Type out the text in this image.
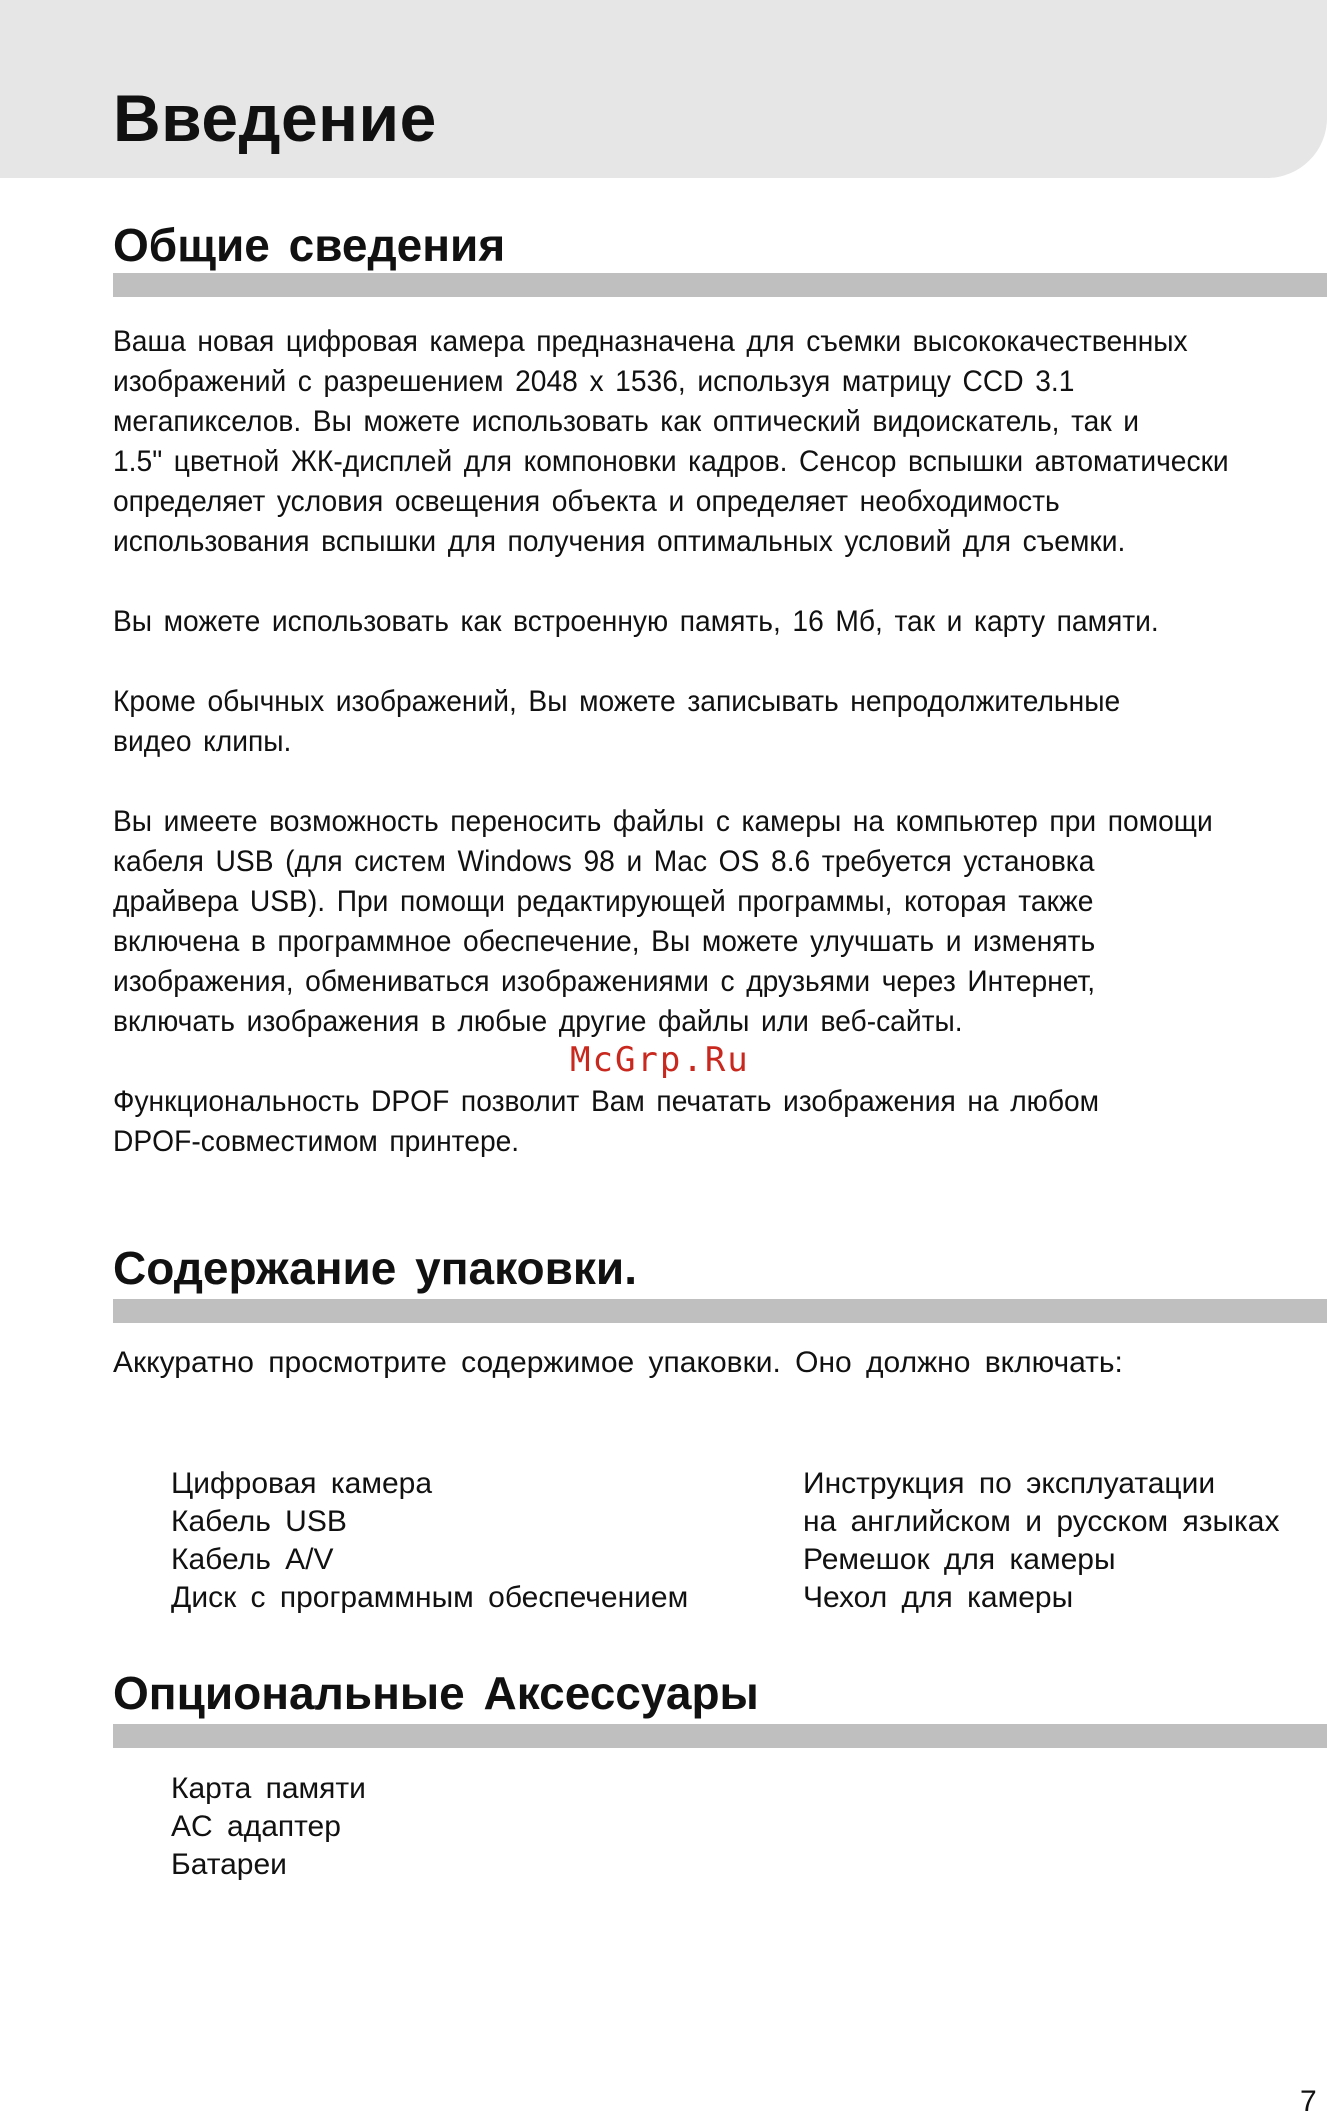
Введение
Общие сведения

Ваша новая цифровая камера предназначена для съемки высококачественных
изображений с разрешением 2048 x 1536, используя матрицу CCD 3.1
мегапикселов. Вы можете использовать как оптический видоискатель, так и
1.5" цветной ЖК-дисплей для компоновки кадров. Сенсор вспышки автоматически
определяет условия освещения объекта и определяет необходимость
использования вспышки для получения оптимальных условий для съемки.

Вы можете использовать как встроенную память, 16 Мб, так и карту памяти.

Кроме обычных изображений, Вы можете записывать непродолжительные
видео клипы.

Вы имеете возможность переносить файлы с камеры на компьютер при помощи
кабеля USB (для систем Windows 98 и Mac OS 8.6 требуется установка
драйвера USB). При помощи редактирующей программы, которая также
включена в программное обеспечение, Вы можете улучшать и изменять
изображения, обмениваться изображениями с друзьями через Интернет,
включать изображения в любые другие файлы или веб-сайты.

Функциональность DPOF позволит Вам печатать изображения на любом
DPOF-совместимом принтере.

McGrp.Ru

Содержание упаковки.

Аккуратно просмотрите содержимое упаковки. Оно должно включать:

Цифровая камера
Кабель USB
Кабель A/V
Диск с программным обеспечением
Инструкция по эксплуатации
на английском и русском языках
Ремешок для камеры
Чехол для камеры
Опциональные Аксессуары
Карта памяти
AC адаптер
Батареи

7
